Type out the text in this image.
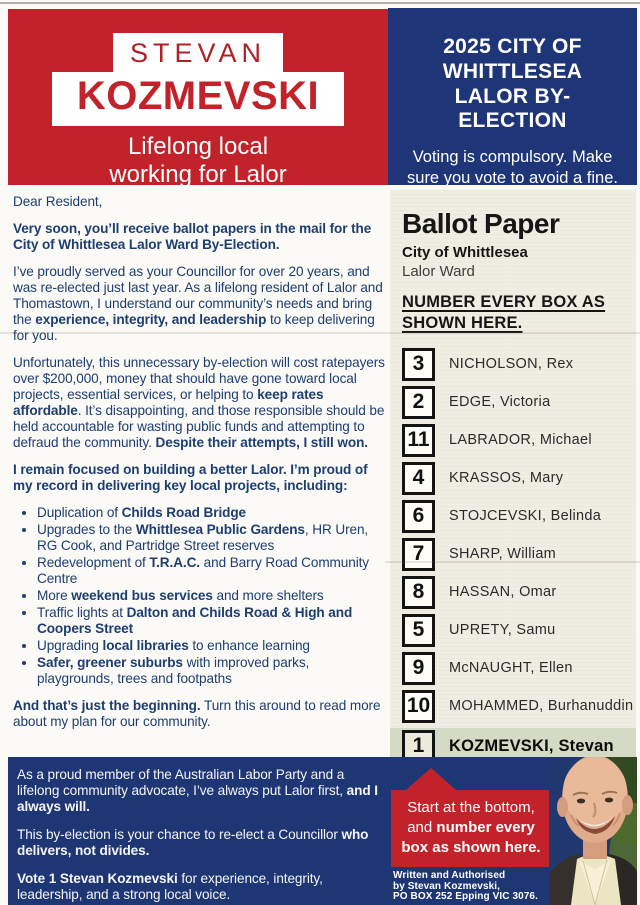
STEVAN
KOZMEVSKI
Lifelong local
working for Lalor
2025 CITY OF WHITTLESEA LALOR BY-ELECTION
Voting is compulsory. Make sure you vote to avoid a fine.

Dear Resident,

Very soon, you’ll receive ballot papers in the mail for the City of Whittlesea Lalor Ward By-Election.

I’ve proudly served as your Councillor for over 20 years, and was re-elected just last year. As a lifelong resident of Lalor and Thomastown, I understand our community’s needs and bring the experience, integrity, and leadership to keep delivering for you.

Unfortunately, this unnecessary by-election will cost ratepayers over $200,000, money that should have gone toward local projects, essential services, or helping to keep rates affordable. It’s disappointing, and those responsible should be held accountable for wasting public funds and attempting to defraud the community. Despite their attempts, I still won.

I remain focused on building a better Lalor. I’m proud of my record in delivering key local projects, including:

• Duplication of Childs Road Bridge
• Upgrades to the Whittlesea Public Gardens, HR Uren, RG Cook, and Partridge Street reserves
• Redevelopment of T.R.A.C. and Barry Road Community Centre
• More weekend bus services and more shelters
• Traffic lights at Dalton and Childs Road & High and Coopers Street
• Upgrading local libraries to enhance learning
• Safer, greener suburbs with improved parks, playgrounds, trees and footpaths

And that’s just the beginning. Turn this around to read more about my plan for our community.

Ballot Paper
City of Whittlesea
Lalor Ward
NUMBER EVERY BOX AS SHOWN HERE.
3	NICHOLSON, Rex
2	EDGE, Victoria
11	LABRADOR, Michael
4	KRASSOS, Mary
6	STOJCEVSKI, Belinda
7	SHARP, William
8	HASSAN, Omar
5	UPRETY, Samu
9	McNAUGHT, Ellen
10	MOHAMMED, Burhanuddin
1	KOZMEVSKI, Stevan

As a proud member of the Australian Labor Party and a lifelong community advocate, I’ve always put Lalor first, and I always will.

This by-election is your chance to re-elect a Councillor who delivers, not divides.

Vote 1 Stevan Kozmevski for experience, integrity, leadership, and a strong local voice.

Start at the bottom, and number every box as shown here.
Written and Authorised
by Stevan Kozmevski,
PO BOX 252 Epping VIC 3076.
